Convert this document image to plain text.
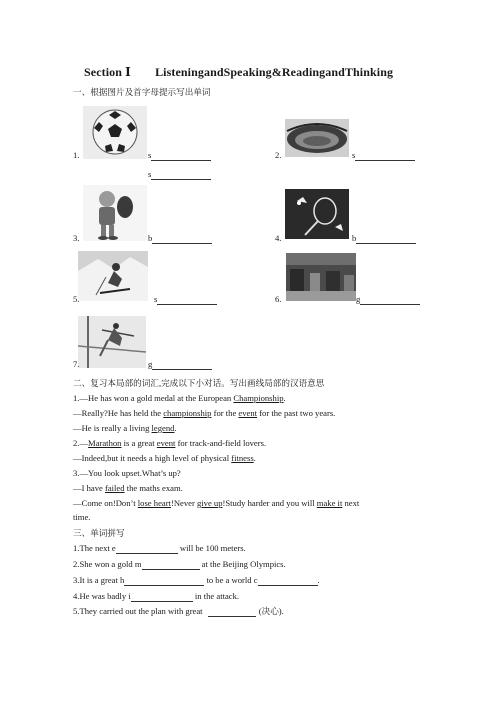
Section Ⅰ ListeningandSpeaking&ReadingandThinking
一、根据图片及首字母提示写出单词
1.	s
s
2.	s
3.	b	4.	b
5.	s	6.	g
7.	g
二、复习本局部的词汇,完成以下小对话。写出画线局部的汉语意思
1.—He has won a gold medal at the European Championship.
—Really?He has held the championship for the event for the past two years.
—He is really a living legend.
2.—Marathon is a great event for track-and-field lovers.
—Indeed,but it needs a high level of physical fitness.
3.—You look upset.What’s up?
—I have failed the maths exam.
—Come on!Don’t lose heart!Never give up!Study harder and you will make it next
time.
三、单词拼写
1.The next e	will be 100 meters.
2.She won a gold m	at the Beijing Olympics.
3.It is a great h	to be a world c	.
4.He was badly i	in the attack.
5.They carried out the plan with great	(决心).
